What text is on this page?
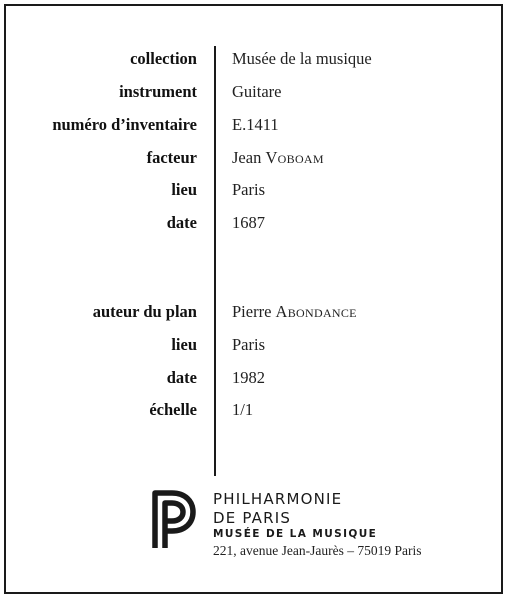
collection Musée de la musique
instrument Guitare
numéro d’inventaire E.1411
facteur Jean Voboam
lieu Paris
date 1687
auteur du plan Pierre Abondance
lieu Paris
date 1982
échelle 1/1
PHILHARMONIE
DE PARIS
MUSÉE DE LA MUSIQUE
221, avenue Jean-Jaurès – 75019 Paris
